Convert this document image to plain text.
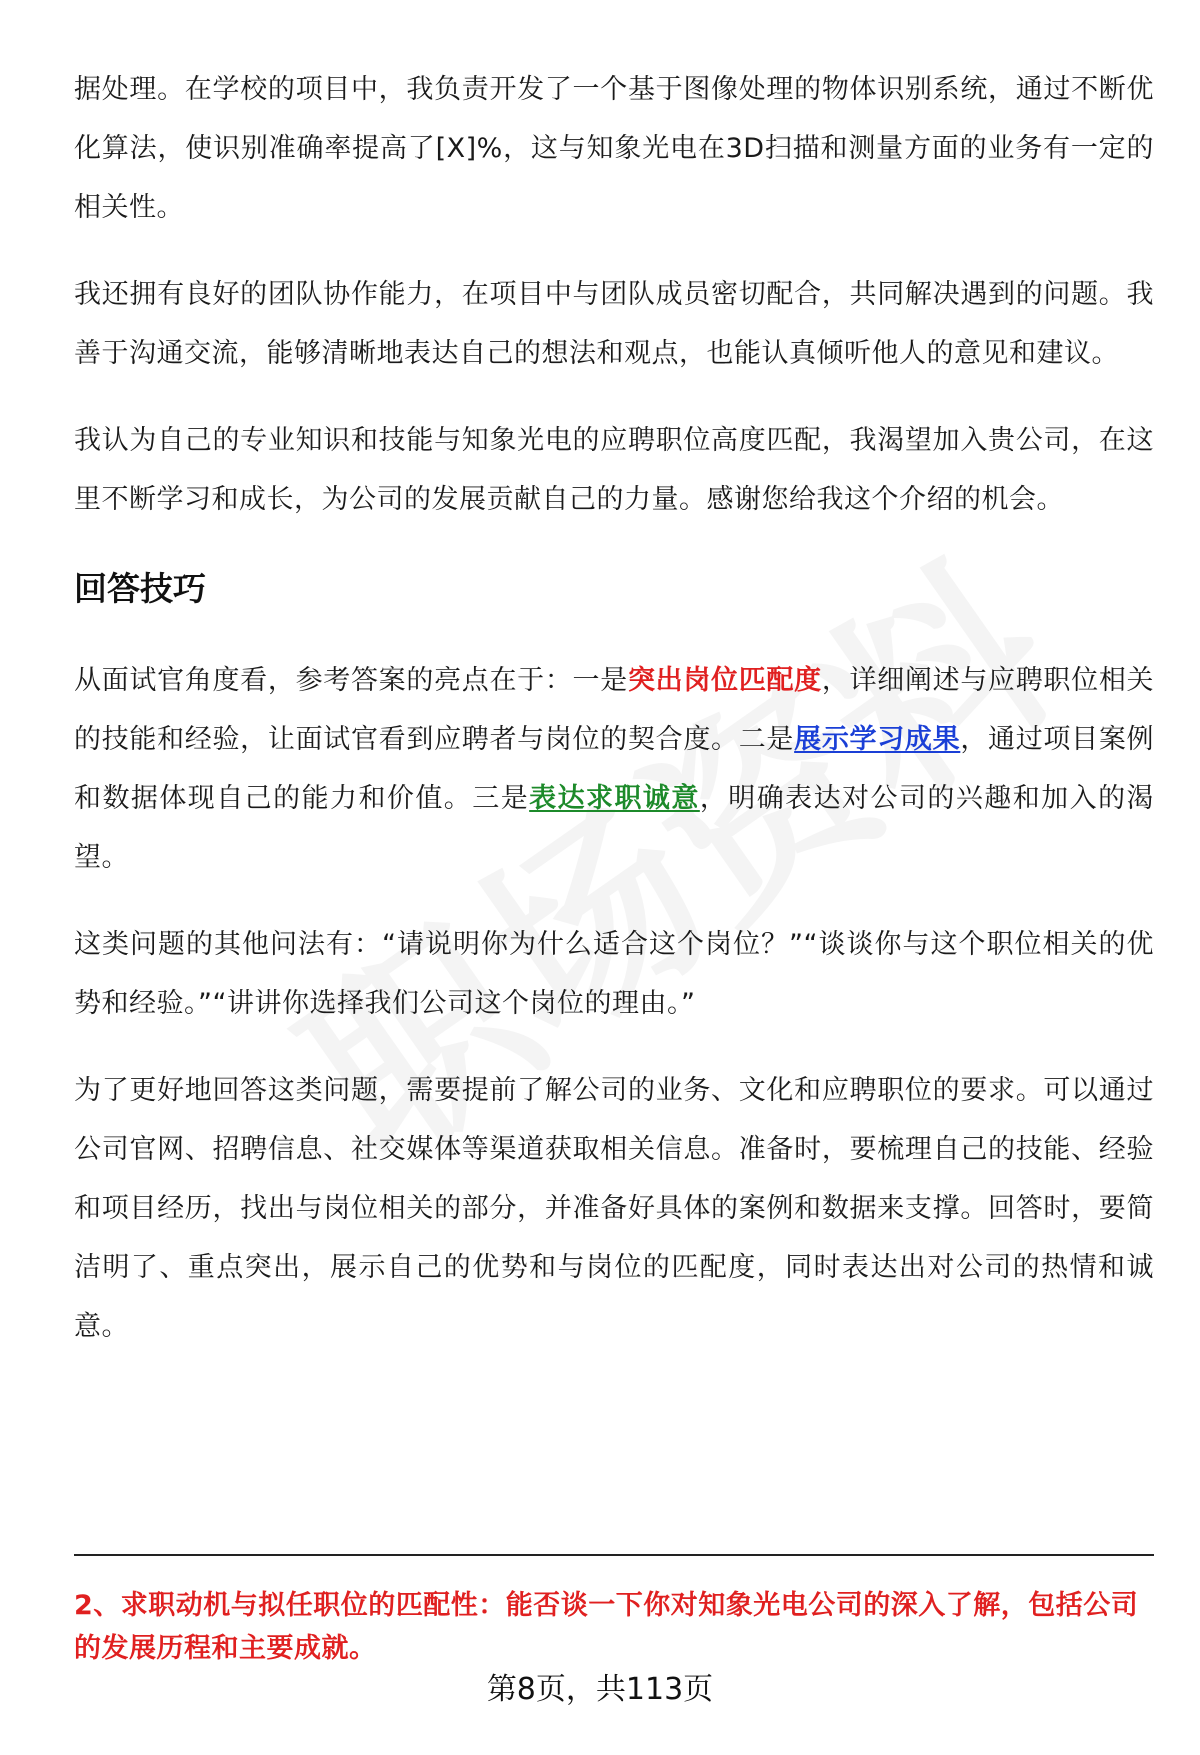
据处理。在学校的项目中，我负责开发了一个基于图像处理的物体识别系统，通过不断优化算法，使识别准确率提高了[X]%，这与知象光电在3D扫描和测量方面的业务有一定的相关性。

我还拥有良好的团队协作能力，在项目中与团队成员密切配合，共同解决遇到的问题。我善于沟通交流，能够清晰地表达自己的想法和观点，也能认真倾听他人的意见和建议。

我认为自己的专业知识和技能与知象光电的应聘职位高度匹配，我渴望加入贵公司，在这里不断学习和成长，为公司的发展贡献自己的力量。感谢您给我这个介绍的机会。

回答技巧

从面试官角度看，参考答案的亮点在于：一是突出岗位匹配度，详细阐述与应聘职位相关的技能和经验，让面试官看到应聘者与岗位的契合度。二是展示学习成果，通过项目案例和数据体现自己的能力和价值。三是表达求职诚意，明确表达对公司的兴趣和加入的渴望。

这类问题的其他问法有：“请说明你为什么适合这个岗位？”“谈谈你与这个职位相关的优势和经验。”“讲讲你选择我们公司这个岗位的理由。”

为了更好地回答这类问题，需要提前了解公司的业务、文化和应聘职位的要求。可以通过公司官网、招聘信息、社交媒体等渠道获取相关信息。准备时，要梳理自己的技能、经验和项目经历，找出与岗位相关的部分，并准备好具体的案例和数据来支撑。回答时，要简洁明了、重点突出，展示自己的优势和与岗位的匹配度，同时表达出对公司的热情和诚意。

2、求职动机与拟任职位的匹配性：能否谈一下你对知象光电公司的深入了解，包括公司的发展历程和主要成就。
第8页，共113页
